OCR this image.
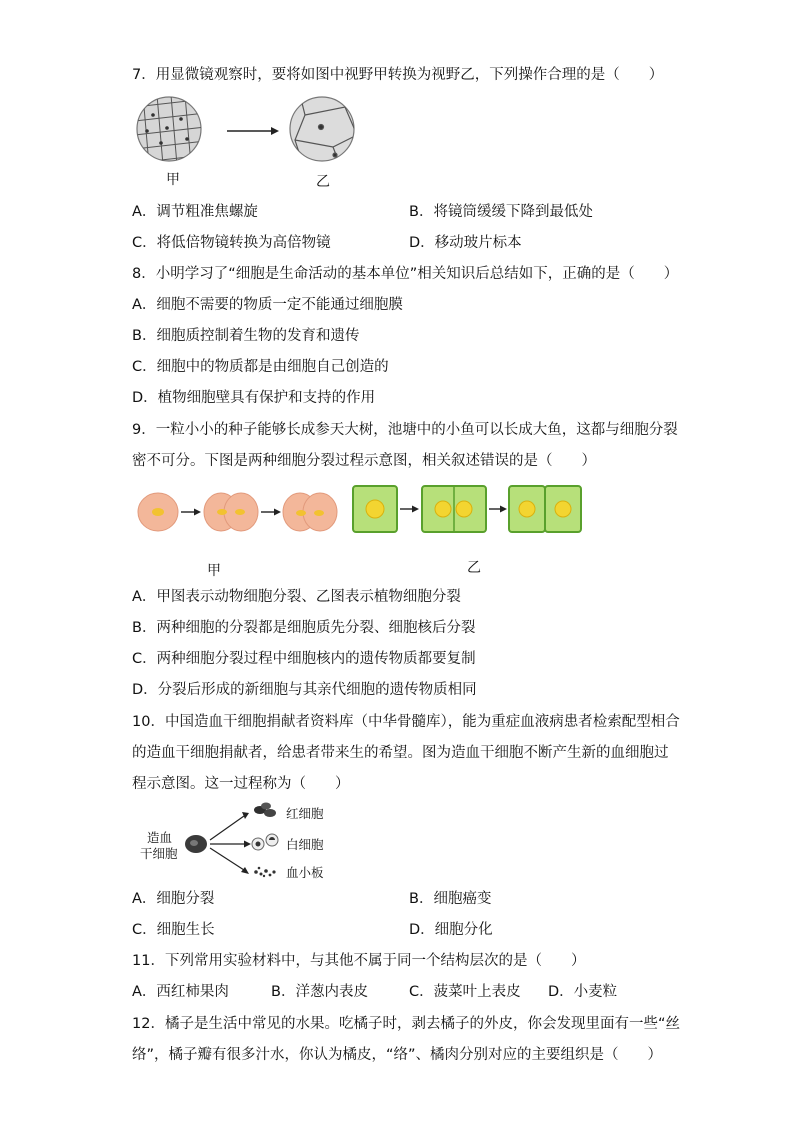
7．用显微镜观察时，要将如图中视野甲转换为视野乙，下列操作合理的是（　　）
甲	乙
A．调节粗准焦螺旋	B．将镜筒缓缓下降到最低处
C．将低倍物镜转换为高倍物镜	D．移动玻片标本
8．小明学习了“细胞是生命活动的基本单位”相关知识后总结如下，正确的是（　　）
A．细胞不需要的物质一定不能通过细胞膜
B．细胞质控制着生物的发育和遗传
C．细胞中的物质都是由细胞自己创造的
D．植物细胞壁具有保护和支持的作用
9．一粒小小的种子能够长成参天大树，池塘中的小鱼可以长成大鱼，这都与细胞分裂
密不可分。下图是两种细胞分裂过程示意图，相关叙述错误的是（　　）
甲	乙
A．甲图表示动物细胞分裂、乙图表示植物细胞分裂
B．两种细胞的分裂都是细胞质先分裂、细胞核后分裂
C．两种细胞分裂过程中细胞核内的遗传物质都要复制
D．分裂后形成的新细胞与其亲代细胞的遗传物质相同
10．中国造血干细胞捐献者资料库（中华骨髓库），能为重症血液病患者检索配型相合
的造血干细胞捐献者，给患者带来生的希望。图为造血干细胞不断产生新的血细胞过
程示意图。这一过程称为（　　）
造血
干细胞
红细胞
白细胞
血小板
A．细胞分裂	B．细胞癌变
C．细胞生长	D．细胞分化
11．下列常用实验材料中，与其他不属于同一个结构层次的是（　　）
A．西红柿果肉	B．洋葱内表皮	C．菠菜叶上表皮 D．小麦粒
12．橘子是生活中常见的水果。吃橘子时，剥去橘子的外皮，你会发现里面有一些“丝
络”，橘子瓣有很多汁水，你认为橘皮，“络”、橘肉分别对应的主要组织是（　　）
